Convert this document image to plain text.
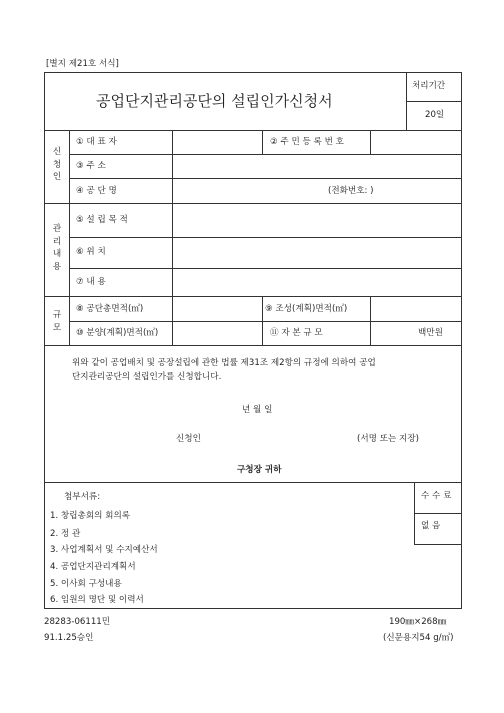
[별지 제21호 서식]
공업단지관리공단의 설립인가신청서
처리기간
20일
신청인
관리내용
규모
① 대 표 자	② 주 민 등 록 번 호
③ 주 소
④ 공 단 명	(전화번호: )
⑤ 설 립 목 적
⑥ 위 치
⑦ 내 용
⑧ 공단총면적(㎡)	⑨ 조성(계획)면적(㎡)
⑩ 분양(계획)면적(㎡)	⑪ 자 본 규 모	백만원
위와 같이 공업배치 및 공장설립에 관한 법률 제31조 제2항의 규정에 의하여 공업
단지관리공단의 설립인가를 신청합니다.
년 월 일
신청인	(서명 또는 지장)
구청장 귀하
첨부서류:
1. 창립총회의 회의록
2. 정 관
3. 사업계획서 및 수지예산서
4. 공업단지관리계획서
5. 이사회 구성내용
6. 임원의 명단 및 이력서
수 수 료
없 음
28283-06111민
91.1.25승인
190㎜×268㎜
(신문용지54 g/㎡)
